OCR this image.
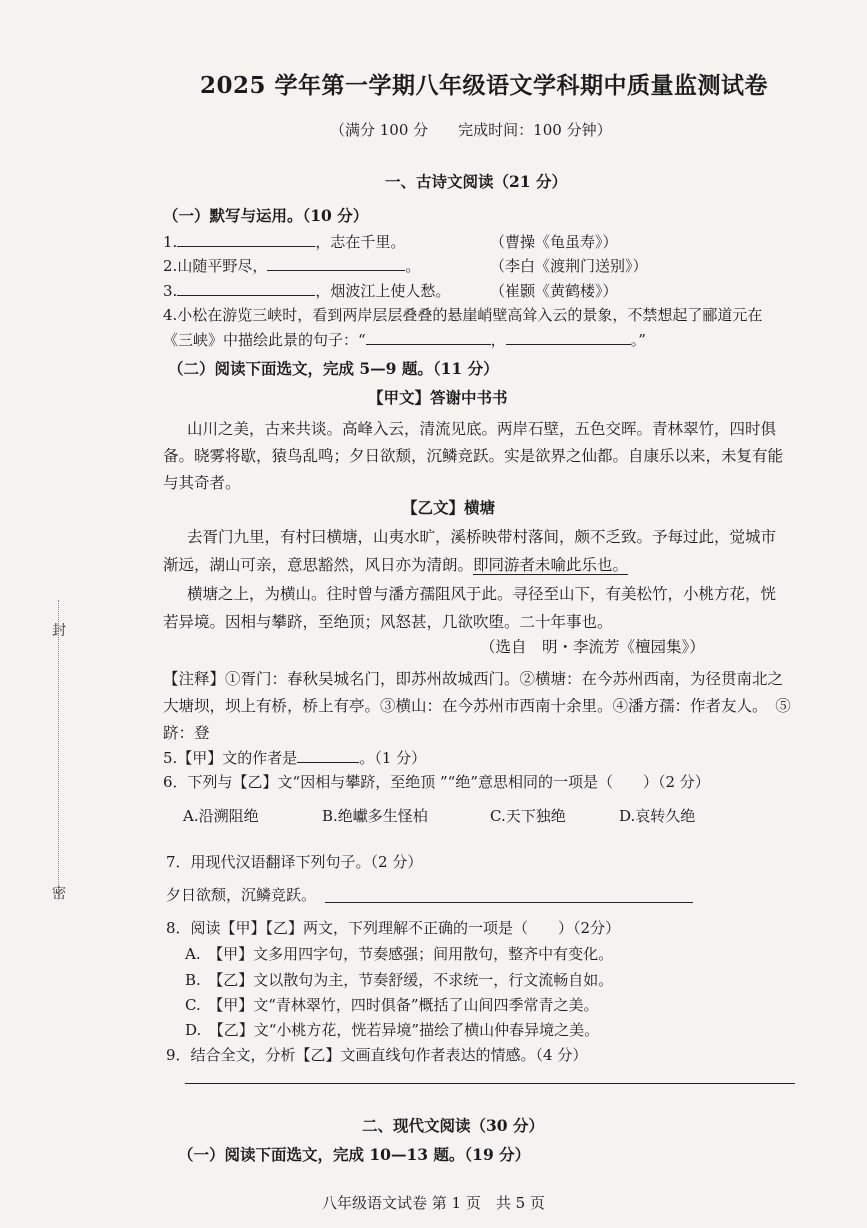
封
密
2025 学年第一学期八年级语文学科期中质量监测试卷
（满分 100 分　　完成时间：100 分钟）
一、古诗文阅读（21 分）
（一）默写与运用。（10 分）
1.	，志在千里。	（曹操《龟虽寿》）
2.山随平野尽，	。	（李白《渡荆门送别》）
3.	，烟波江上使人愁。	（崔颢《黄鹤楼》）
4.小松在游览三峡时，看到两岸层层叠叠的悬崖峭壁高耸入云的景象，不禁想起了郦道元在
《三峡》中描绘此景的句子：“	，	。”
（二）阅读下面选文，完成 5—9 题。（11 分）
【甲文】答谢中书书
山川之美，古来共谈。高峰入云，清流见底。两岸石壁，五色交晖。青林翠竹，四时俱
备。晓雾将歇，猿鸟乱鸣；夕日欲颓，沉鳞竞跃。实是欲界之仙都。自康乐以来，未复有能
与其奇者。
【乙文】横塘
去胥门九里，有村曰横塘，山夷水旷，溪桥映带村落间，颇不乏致。予每过此，觉城市
渐远，湖山可亲，意思豁然，风日亦为清朗。即同游者未喻此乐也。
横塘之上，为横山。往时曾与潘方孺阻风于此。寻径至山下，有美松竹，小桃方花，恍
若异境。因相与攀跻，至绝顶；风怒甚，几欲吹堕。二十年事也。
（选自　明・李流芳《檀园集》）
【注释】①胥门：春秋吴城名门，即苏州故城西门。②横塘：在今苏州西南，为径贯南北之
大塘坝，坝上有桥，桥上有亭。③横山：在今苏州市西南十余里。④潘方孺：作者友人。　⑤
跻：登
5.【甲】文的作者是	。（1 分）
6．下列与【乙】文“因相与攀跻，至绝顶 ”“绝”意思相同的一项是（　　）（2 分）
A.沿溯阻绝	B.绝巘多生怪柏	C.天下独绝	D.哀转久绝
7．用现代汉语翻译下列句子。（2 分）
夕日欲颓，沉鳞竞跃。
8．阅读【甲】【乙】两文，下列理解不正确的一项是（　　）（2分）
A.　【甲】文多用四字句，节奏感强；间用散句，整齐中有变化。
B.　【乙】文以散句为主，节奏舒缓，不求统一，行文流畅自如。
C.　【甲】文“青林翠竹，四时俱备”概括了山间四季常青之美。
D.　【乙】文“小桃方花，恍若异境”描绘了横山仲春异境之美。
9．结合全文，分析【乙】文画直线句作者表达的情感。（4 分）
二、现代文阅读（30 分）
（一）阅读下面选文，完成 10—13 题。（19 分）
八年级语文试卷 第 1 页　共 5 页
